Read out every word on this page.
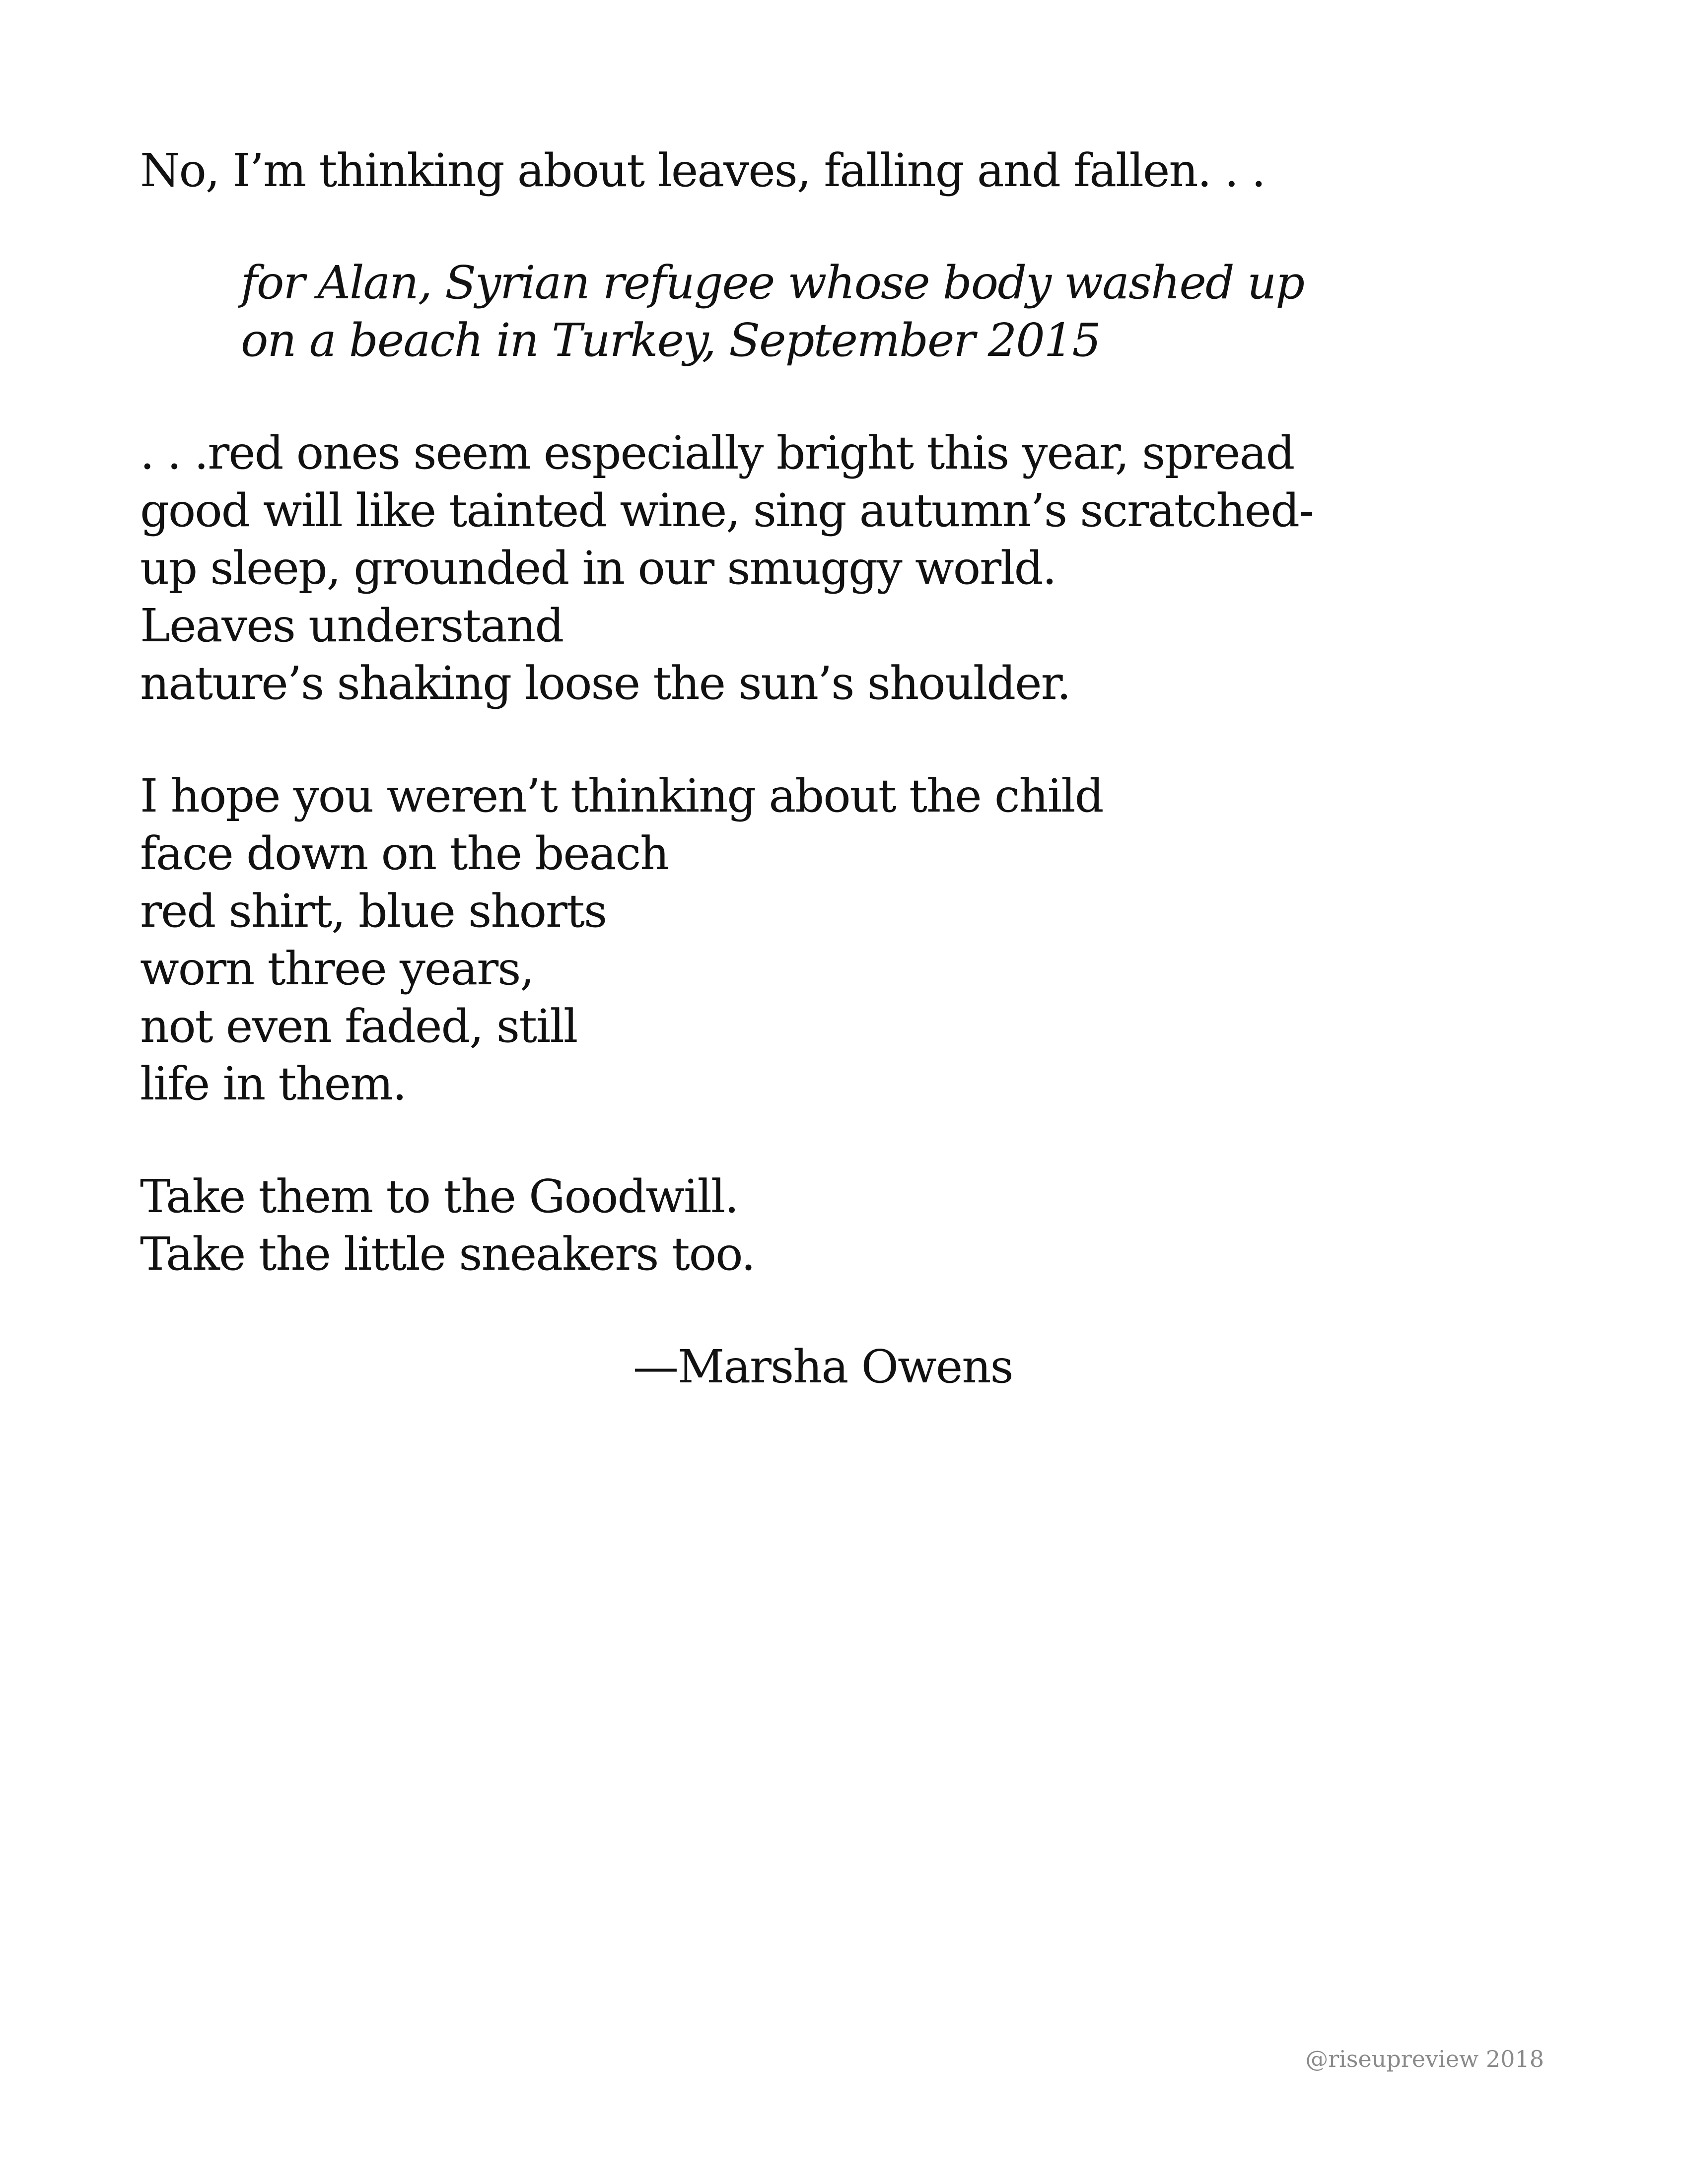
No, I’m thinking about leaves, falling and fallen. . .
for Alan, Syrian refugee whose body washed up
on a beach in Turkey, September 2015
. . .red ones seem especially bright this year, spread
good will like tainted wine, sing autumn’s scratched-
up sleep, grounded in our smuggy world.
Leaves understand
nature’s shaking loose the sun’s shoulder.
I hope you weren’t thinking about the child
face down on the beach
red shirt, blue shorts
worn three years,
not even faded, still
life in them.
Take them to the Goodwill.
Take the little sneakers too.
—Marsha Owens
@riseupreview 2018
